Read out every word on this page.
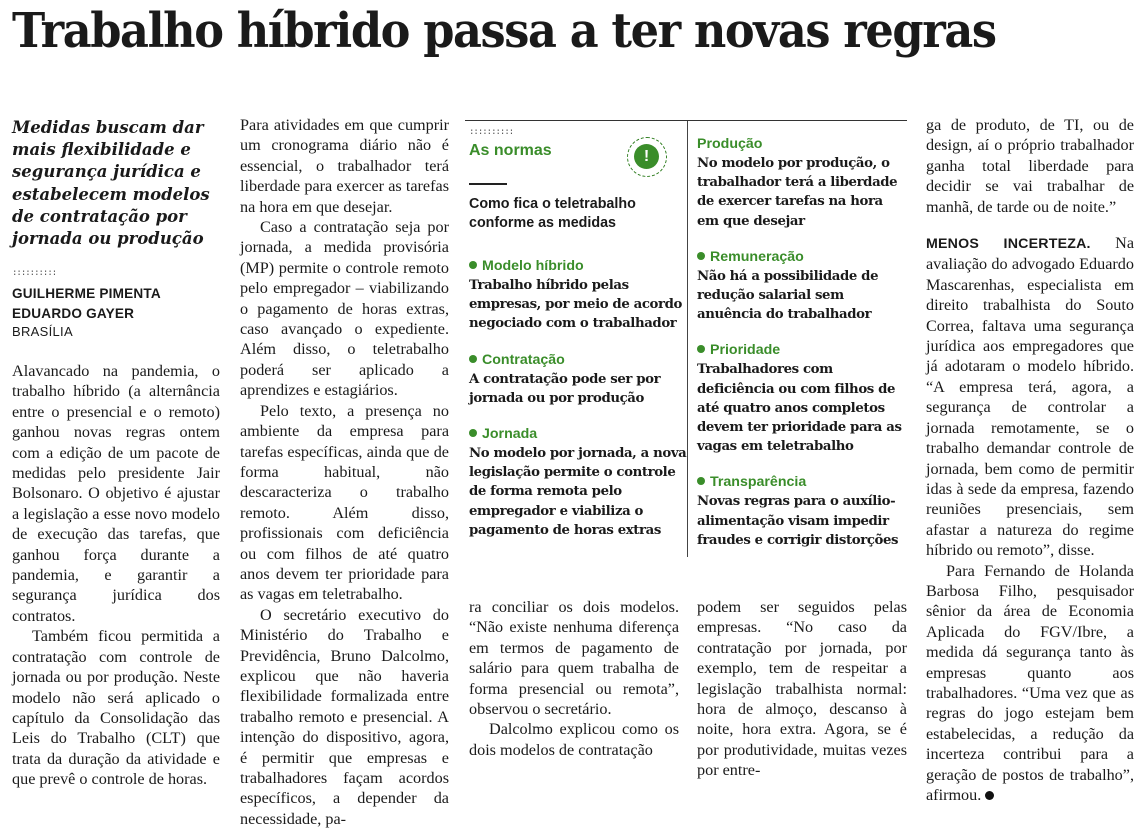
Trabalho híbrido passa a ter novas regras
Medidas buscam dar mais flexibilidade e segurança jurídica e estabelecem modelos de contratação por jornada ou produção
::::::::::
GUILHERME PIMENTA
EDUARDO GAYER
BRASÍLIA

Alavancado na pandemia, o trabalho híbrido (a alternância entre o presencial e o remoto) ganhou novas regras ontem com a edição de um pacote de medidas pelo presidente Jair Bolsonaro. O objetivo é ajustar a legislação a esse novo modelo de execução das tarefas, que ganhou força durante a pandemia, e garantir a segurança jurídica dos contratos.

Também ficou permitida a contratação com controle de jornada ou por produção. Neste modelo não será aplicado o capítulo da Consolidação das Leis do Trabalho (CLT) que trata da duração da atividade e que prevê o controle de horas.

Para atividades em que cumprir um cronograma diário não é essencial, o trabalhador terá liberdade para exercer as tarefas na hora em que desejar.

Caso a contratação seja por jornada, a medida provisória (MP) permite o controle remoto pelo empregador – viabilizando o pagamento de horas extras, caso avançado o expediente. Além disso, o teletrabalho poderá ser aplicado a aprendizes e estagiários.

Pelo texto, a presença no ambiente da empresa para tarefas específicas, ainda que de forma habitual, não descaracteriza o trabalho remoto. Além disso, profissionais com deficiência ou com filhos de até quatro anos devem ter prioridade para as vagas em teletrabalho.

O secretário executivo do Ministério do Trabalho e Previdência, Bruno Dalcolmo, explicou que não haveria flexibilidade formalizada entre trabalho remoto e presencial. A intenção do dispositivo, agora, é permitir que empresas e trabalhadores façam acordos específicos, a depender da necessidade, pa-

ra conciliar os dois modelos. “Não existe nenhuma diferença em termos de pagamento de salário para quem trabalha de forma presencial ou remota”, observou o secretário.

Dalcolmo explicou como os dois modelos de contratação

podem ser seguidos pelas empresas. “No caso da contratação por jornada, por exemplo, tem de respeitar a legislação trabalhista normal: hora de almoço, descanso à noite, hora extra. Agora, se é por produtividade, muitas vezes por entre-

ga de produto, de TI, ou de design, aí o próprio trabalhador ganha total liberdade para decidir se vai trabalhar de manhã, de tarde ou de noite.”

MENOS INCERTEZA. Na avaliação do advogado Eduardo Mascarenhas, especialista em direito trabalhista do Souto Correa, faltava uma segurança jurídica aos empregadores que já adotaram o modelo híbrido. “A empresa terá, agora, a segurança de controlar a jornada remotamente, se o trabalho demandar controle de jornada, bem como de permitir idas à sede da empresa, fazendo reuniões presenciais, sem afastar a natureza do regime híbrido ou remoto”, disse.

Para Fernando de Holanda Barbosa Filho, pesquisador sênior da área de Economia Aplicada do FGV/Ibre, a medida dá segurança tanto às empresas quanto aos trabalhadores. “Uma vez que as regras do jogo estejam bem estabelecidas, a redução da incerteza contribui para a geração de postos de trabalho”, afirmou.

::::::::::
As normas	!
Como fica o teletrabalho conforme as medidas
Modelo híbrido
Trabalho híbrido pelas empresas, por meio de acordo negociado com o trabalhador
Contratação
A contratação pode ser por jornada ou por produção
Jornada
No modelo por jornada, a nova legislação permite o controle de forma remota pelo empregador e viabiliza o pagamento de horas extras
Produção
No modelo por produção, o trabalhador terá a liberdade de exercer tarefas na hora em que desejar
Remuneração
Não há a possibilidade de redução salarial sem anuência do trabalhador
Prioridade
Trabalhadores com deficiência ou com filhos de até quatro anos completos devem ter prioridade para as vagas em teletrabalho
Transparência
Novas regras para o auxílio-alimentação visam impedir fraudes e corrigir distorções
